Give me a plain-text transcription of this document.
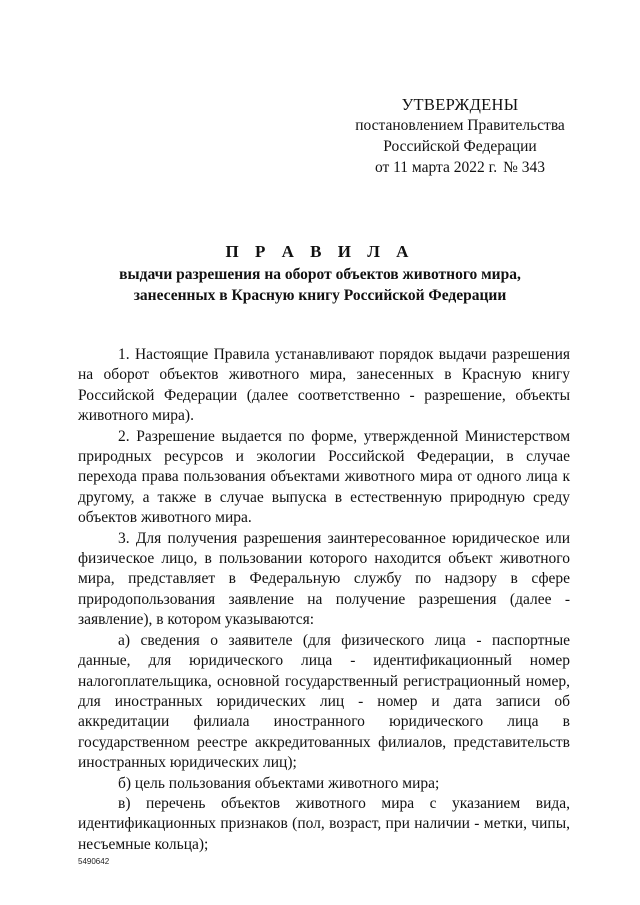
УТВЕРЖДЕНЫ
постановлением Правительства
Российской Федерации
от 11 марта 2022 г. № 343
П Р А В И Л А
выдачи разрешения на оборот объектов животного мира,
занесенных в Красную книгу Российской Федерации

1. Настоящие Правила устанавливают порядок выдачи разрешения на оборот объектов животного мира, занесенных в Красную книгу Российской Федерации (далее соответственно - разрешение, объекты животного мира).

2. Разрешение выдается по форме, утвержденной Министерством природных ресурсов и экологии Российской Федерации, в случае перехода права пользования объектами животного мира от одного лица к другому, а также в случае выпуска в естественную природную среду объектов животного мира.

3. Для получения разрешения заинтересованное юридическое или физическое лицо, в пользовании которого находится объект животного мира, представляет в Федеральную службу по надзору в сфере природопользования заявление на получение разрешения (далее - заявление), в котором указываются:

а) сведения о заявителе (для физического лица - паспортные данные, для юридического лица - идентификационный номер налогоплательщика, основной государственный регистрационный номер, для иностранных юридических лиц - номер и дата записи об аккредитации филиала иностранного юридического лица в государственном реестре аккредитованных филиалов, представительств иностранных юридических лиц);

б) цель пользования объектами животного мира;

в) перечень объектов животного мира с указанием вида, идентификационных признаков (пол, возраст, при наличии - метки, чипы, несъемные кольца);

5490642
